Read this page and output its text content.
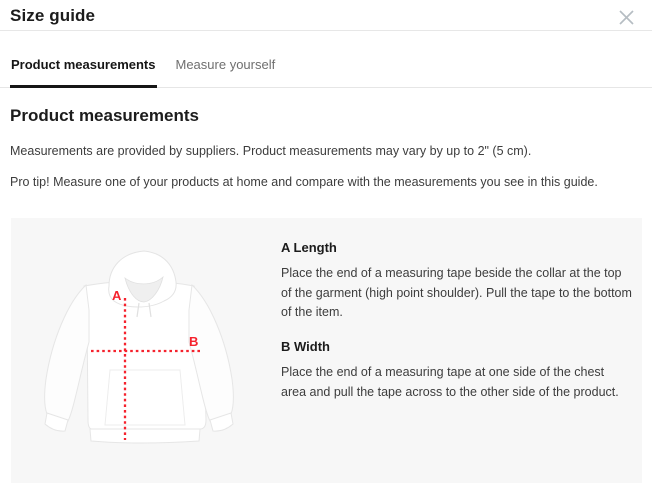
Size guide
Product measurements Measure yourself
Product measurements

Measurements are provided by suppliers. Product measurements may vary by up to 2" (5 cm).

Pro tip! Measure one of your products at home and compare with the measurements you see in this guide.

A
B
A Length

Place the end of a measuring tape beside the collar at the top of the garment (high point shoulder). Pull the tape to the bottom of the item.

B Width

Place the end of a measuring tape at one side of the chest area and pull the tape across to the other side of the product.
